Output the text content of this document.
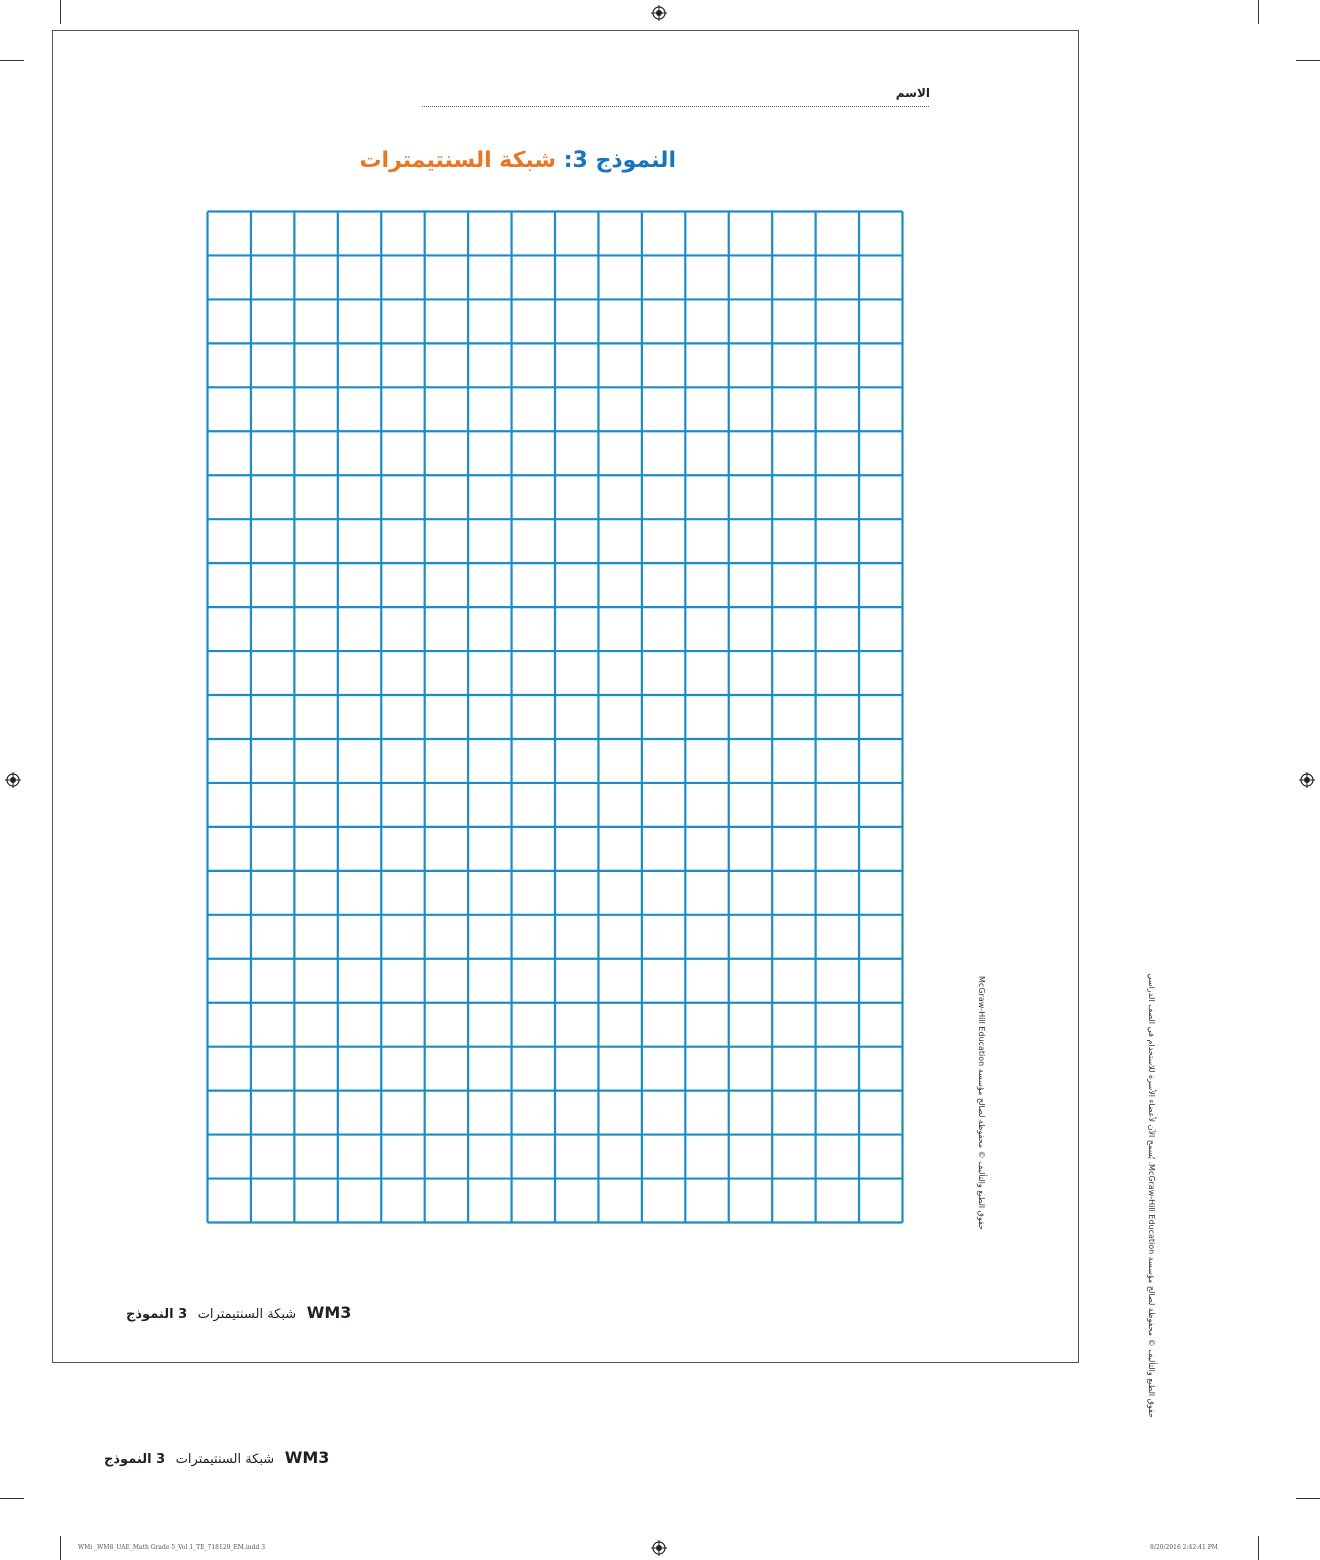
الاسم
النموذج 3: شبكة السنتيمترات
حقوق الطبع والتأليف © محفوظة لصالح مؤسسة McGraw-Hill Education	حقوق الطبع والتأليف © محفوظة لصالح مؤسسة McGraw-Hill Education. يُسمح الآن لأعضاء الأسرة للاستخدام في الصف الدراسي
WM3 شبكة السنتيمترات 3 النموذج
WM3 شبكة السنتيمترات 3 النموذج
WMi _WM8_UAE_Math Grade 5_Vol 1_TE_718129_EM.indd 3	8/20/2016 2:42:41 PM
